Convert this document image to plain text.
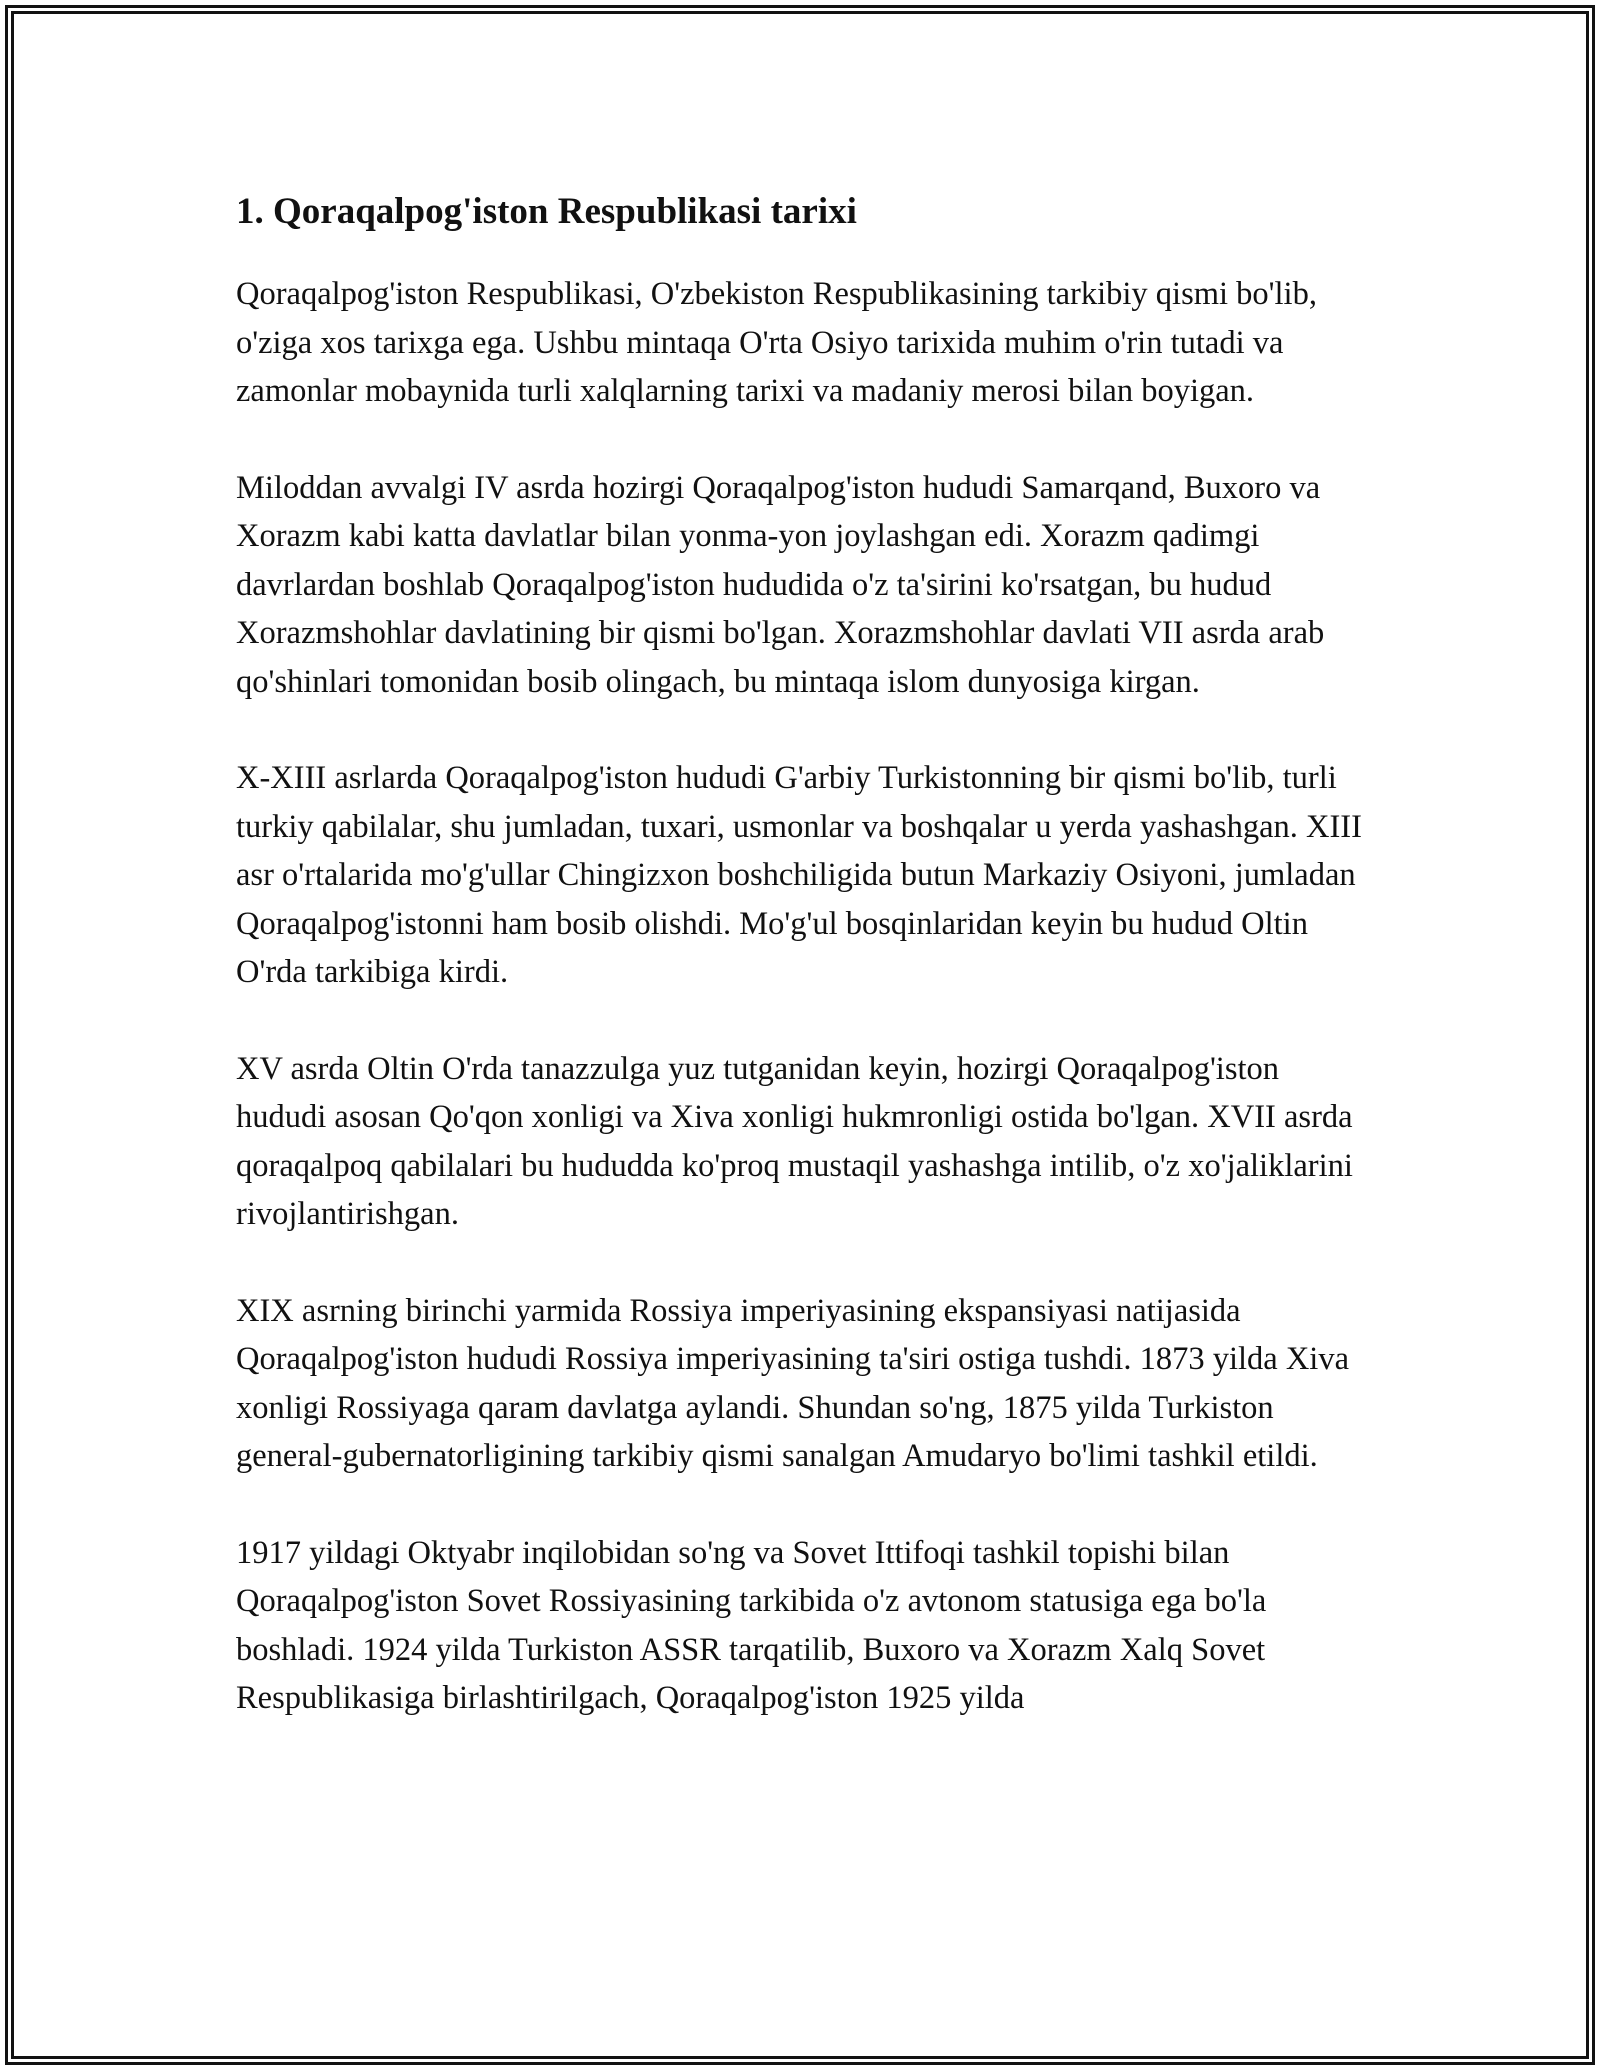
1. Qoraqalpog'iston Respublikasi tarixi

Qoraqalpog'iston Respublikasi, O'zbekiston Respublikasining tarkibiy qismi bo'lib, o'ziga xos tarixga ega. Ushbu mintaqa O'rta Osiyo tarixida muhim o'rin tutadi va zamonlar mobaynida turli xalqlarning tarixi va madaniy merosi bilan boyigan.

Miloddan avvalgi IV asrda hozirgi Qoraqalpog'iston hududi Samarqand, Buxoro va Xorazm kabi katta davlatlar bilan yonma-yon joylashgan edi. Xorazm qadimgi davrlardan boshlab Qoraqalpog'iston hududida o'z ta'sirini ko'rsatgan, bu hudud Xorazmshohlar davlatining bir qismi bo'lgan. Xorazmshohlar davlati VII asrda arab qo'shinlari tomonidan bosib olingach, bu mintaqa islom dunyosiga kirgan.

X-XIII asrlarda Qoraqalpog'iston hududi G'arbiy Turkistonning bir qismi bo'lib, turli turkiy qabilalar, shu jumladan, tuxari, usmonlar va boshqalar u yerda yashashgan. XIII asr o'rtalarida mo'g'ullar Chingizxon boshchiligida butun Markaziy Osiyoni, jumladan Qoraqalpog'istonni ham bosib olishdi. Mo'g'ul bosqinlaridan keyin bu hudud Oltin O'rda tarkibiga kirdi.

XV asrda Oltin O'rda tanazzulga yuz tutganidan keyin, hozirgi Qoraqalpog'iston hududi asosan Qo'qon xonligi va Xiva xonligi hukmronligi ostida bo'lgan. XVII asrda qoraqalpoq qabilalari bu hududda ko'proq mustaqil yashashga intilib, o'z xo'jaliklarini rivojlantirishgan.

XIX asrning birinchi yarmida Rossiya imperiyasining ekspansiyasi natijasida Qoraqalpog'iston hududi Rossiya imperiyasining ta'siri ostiga tushdi. 1873 yilda Xiva xonligi Rossiyaga qaram davlatga aylandi. Shundan so'ng, 1875 yilda Turkiston general-gubernatorligining tarkibiy qismi sanalgan Amudaryo bo'limi tashkil etildi.

1917 yildagi Oktyabr inqilobidan so'ng va Sovet Ittifoqi tashkil topishi bilan Qoraqalpog'iston Sovet Rossiyasining tarkibida o'z avtonom statusiga ega bo'la boshladi. 1924 yilda Turkiston ASSR tarqatilib, Buxoro va Xorazm Xalq Sovet Respublikasiga birlashtirilgach, Qoraqalpog'iston 1925 yilda
